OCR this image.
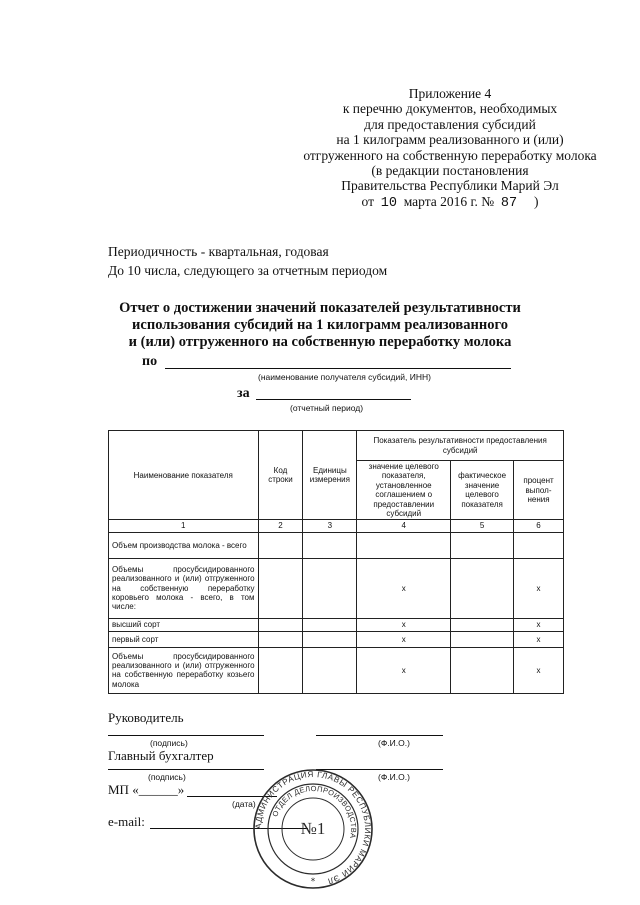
Приложение 4
к перечню документов, необходимых
для предоставления субсидий
на 1 килограмм реализованного и (или)
отгруженного на собственную переработку молока
(в редакции постановления
Правительства Республики Марий Эл
от 10 марта 2016 г. № 87 )
Периодичность - квартальная, годовая
До 10 числа, следующего за отчетным периодом
Отчет о достижении значений показателей результативности
использования субсидий на 1 килограмм реализованного
и (или) отгруженного на собственную переработку молока
по
(наименование получателя субсидий, ИНН)
за
(отчетный период)
Наименование показателя	Код строки	Единицы измерения	Показатель результативности предоставления субсидий		
			значение целевого показателя, установленное соглашением о предоставлении субсидий	фактическое значение целевого показателя	процент выпол-нения
1	2	3	4	5	6
Объем производства молока - всего					
Объемы просубсидированного реализованного и (или) отгруженного на собственную переработку коровьего молока - всего, в том числе:			x		x
высший сорт			x		x
первый сорт			x		x
Объемы просубсидированного реализованного и (или) отгруженного на собственную переработку козьего молока			x		x
Руководитель
(подпись)	(Ф.И.О.)
Главный бухгалтер
(подпись)	(Ф.И.О.)
МП «______»
(дата)
e-mail:	АДМИНИСТРАЦИЯ ГЛАВЫ РЕСПУБЛИКИ МАРИЙ ЭЛ
ОТДЕЛ ДЕЛОПРОИЗВОДСТВА
№1
*
